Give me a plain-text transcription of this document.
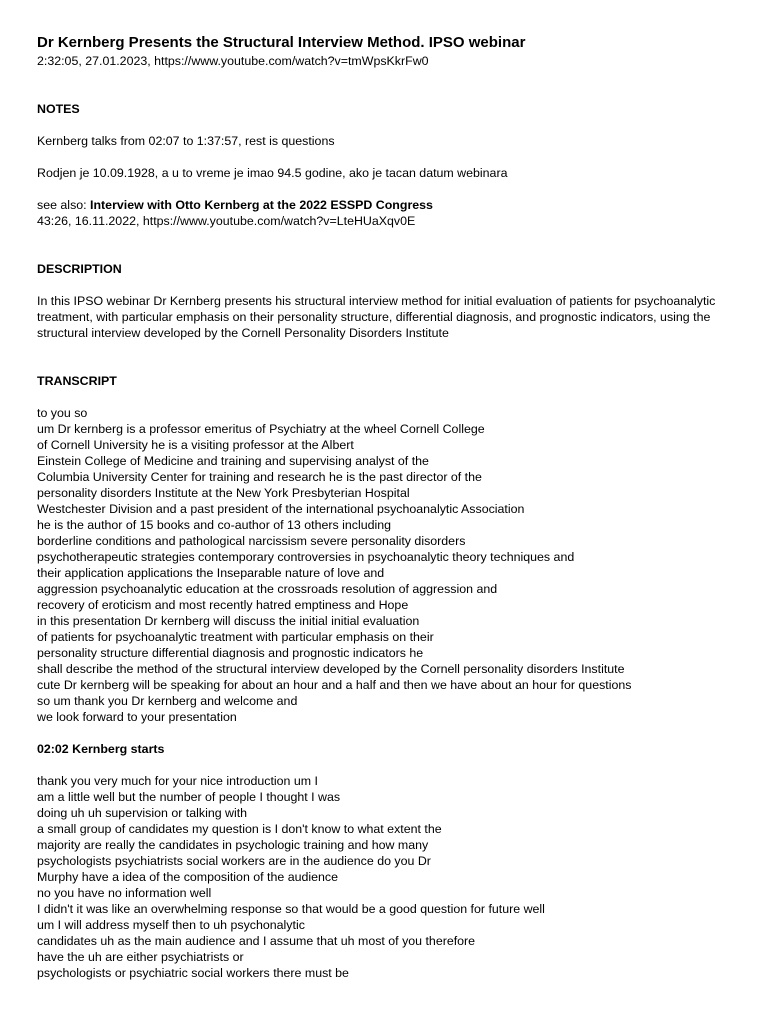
Dr Kernberg Presents the Structural Interview Method. IPSO webinar

2:32:05, 27.01.2023, https://www.youtube.com/watch?v=tmWpsKkrFw0

NOTES

Kernberg talks from 02:07 to 1:37:57, rest is questions

Rodjen je 10.09.1928, a u to vreme je imao 94.5 godine, ako je tacan datum webinara

see also: Interview with Otto Kernberg at the 2022 ESSPD Congress

43:26, 16.11.2022, https://www.youtube.com/watch?v=LteHUaXqv0E

DESCRIPTION

In this IPSO webinar Dr Kernberg presents his structural interview method for initial evaluation of patients for psychoanalytic treatment, with particular emphasis on their personality structure, differential diagnosis, and prognostic indicators, using the structural interview developed by the Cornell Personality Disorders Institute

TRANSCRIPT

to you so

um Dr kernberg is a professor emeritus of Psychiatry at the wheel Cornell College

of Cornell University he is a visiting professor at the Albert

Einstein College of Medicine and training and supervising analyst of the

Columbia University Center for training and research he is the past director of the

personality disorders Institute at the New York Presbyterian Hospital

Westchester Division and a past president of the international psychoanalytic Association

he is the author of 15 books and co-author of 13 others including

borderline conditions and pathological narcissism severe personality disorders

psychotherapeutic strategies contemporary controversies in psychoanalytic theory techniques and

their application applications the Inseparable nature of love and

aggression psychoanalytic education at the crossroads resolution of aggression and

recovery of eroticism and most recently hatred emptiness and Hope

in this presentation Dr kernberg will discuss the initial initial evaluation

of patients for psychoanalytic treatment with particular emphasis on their

personality structure differential diagnosis and prognostic indicators he

shall describe the method of the structural interview developed by the Cornell personality disorders Institute

cute Dr kernberg will be speaking for about an hour and a half and then we have about an hour for questions

so um thank you Dr kernberg and welcome and

we look forward to your presentation

02:02 Kernberg starts

thank you very much for your nice introduction um I

am a little well but the number of people I thought I was

doing uh uh supervision or talking with

a small group of candidates my question is I don't know to what extent the

majority are really the candidates in psychologic training and how many

psychologists psychiatrists social workers are in the audience do you Dr

Murphy have a idea of the composition of the audience

no you have no information well

I didn't it was like an overwhelming response so that would be a good question for future well

um I will address myself then to uh psychonalytic

candidates uh as the main audience and I assume that uh most of you therefore

have the uh are either psychiatrists or

psychologists or psychiatric social workers there must be
